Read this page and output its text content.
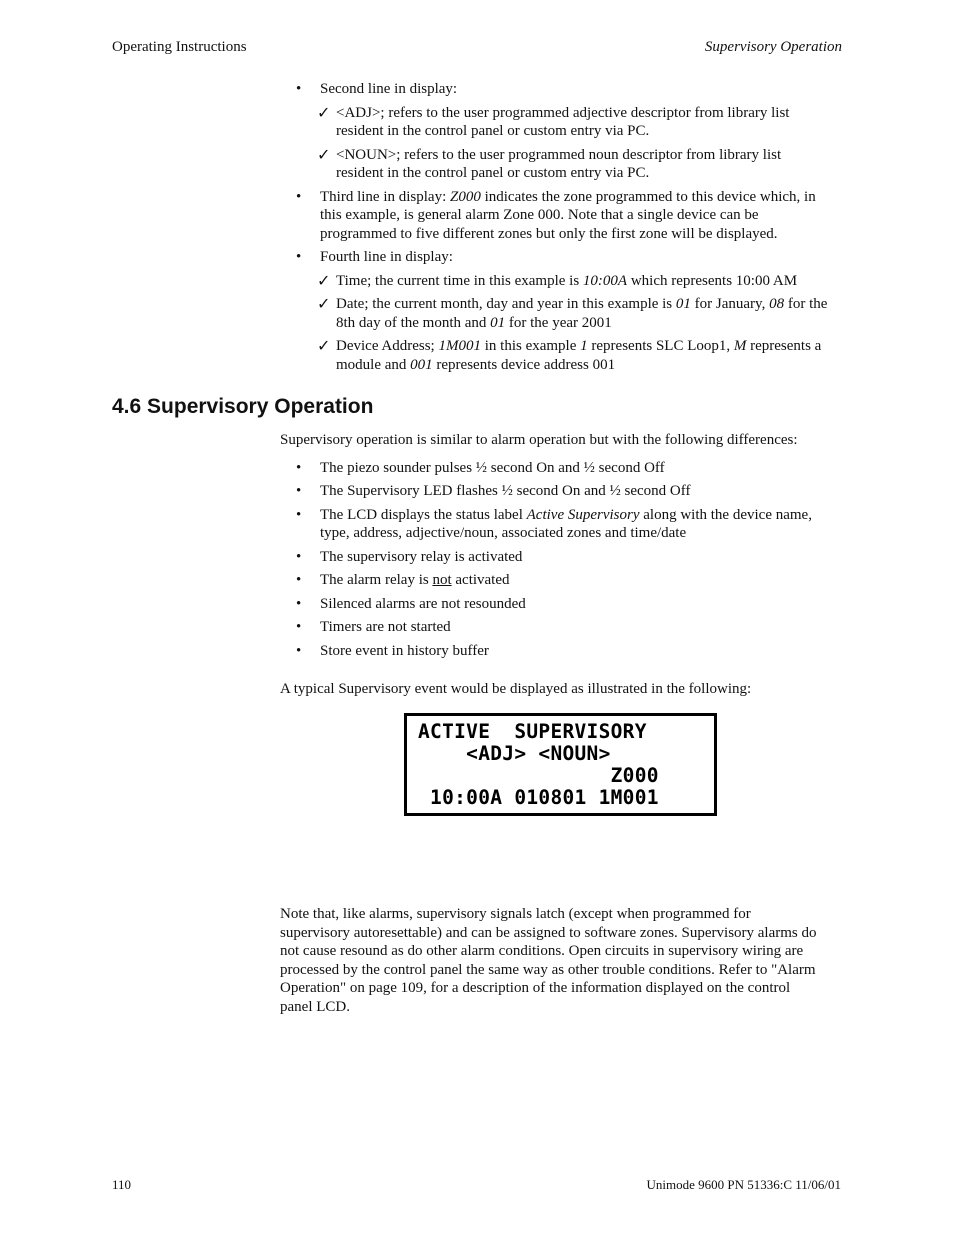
Operating Instructions	Supervisory Operation

• Second line in display:

✓ <ADJ>; refers to the user programmed adjective descriptor from library list
resident in the control panel or custom entry via PC.

✓ <NOUN>; refers to the user programmed noun descriptor from library list
resident in the control panel or custom entry via PC.

• Third line in display: Z000 indicates the zone programmed to this device which, in
this example, is general alarm Zone 000. Note that a single device can be
programmed to five different zones but only the first zone will be displayed.

• Fourth line in display:

✓ Time; the current time in this example is 10:00A which represents 10:00 AM

✓ Date; the current month, day and year in this example is 01 for January, 08 for the
8th day of the month and 01 for the year 2001

✓ Device Address; 1M001 in this example 1 represents SLC Loop1, M represents a
module and 001 represents device address 001

4.6 Supervisory Operation

Supervisory operation is similar to alarm operation but with the following differences:

• The piezo sounder pulses ½ second On and ½ second Off

• The Supervisory LED flashes ½ second On and ½ second Off

• The LCD displays the status label Active Supervisory along with the device name,
type, address, adjective/noun, associated zones and time/date

• The supervisory relay is activated

• The alarm relay is not activated

• Silenced alarms are not resounded

• Timers are not started

• Store event in history buffer

A typical Supervisory event would be displayed as illustrated in the following:

ACTIVE  SUPERVISORY
<ADJ> <NOUN>
Z000
10:00A 010801 1M001
Note that, like alarms, supervisory signals latch (except when programmed for
supervisory autoresettable) and can be assigned to software zones. Supervisory alarms do
not cause resound as do other alarm conditions. Open circuits in supervisory wiring are
processed by the control panel the same way as other trouble conditions. Refer to "Alarm
Operation" on page 109, for a description of the information displayed on the control
panel LCD.
110	Unimode 9600 PN 51336:C 11/06/01
